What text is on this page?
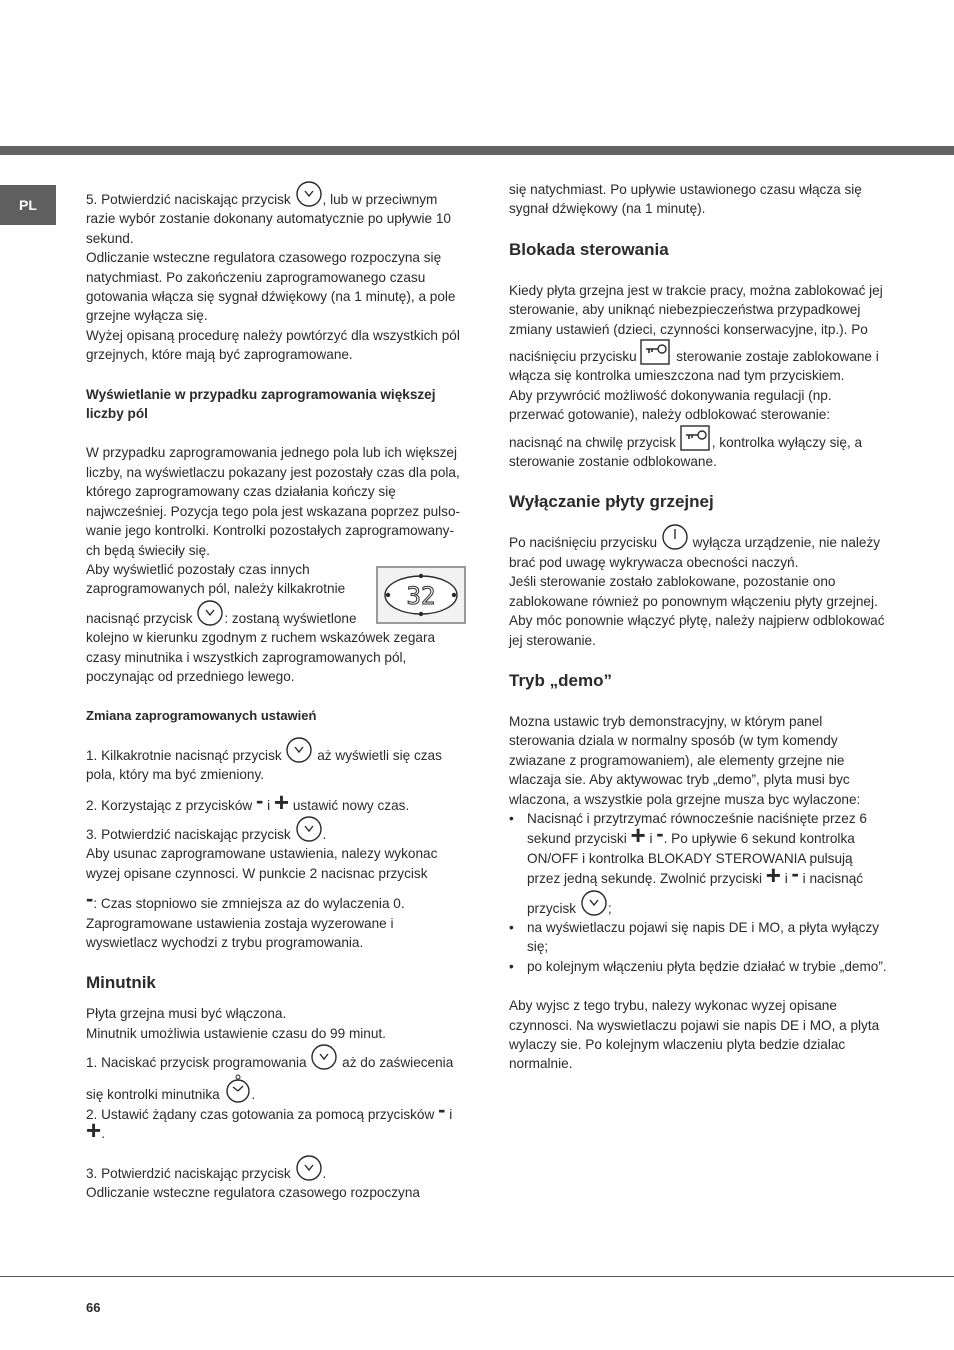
PL	5. Potwierdzić naciskając przycisk , lub w przeciwnym razie wybór zostanie dokonany automatycznie po upływie 10 sekund.

Odliczanie wsteczne regulatora czasowego rozpoczyna się natychmiast. Po zakończeniu zaprogramowanego czasu gotowania włącza się sygnał dźwiękowy (na 1 minutę), a pole grzejne wyłącza się.

Wyżej opisaną procedurę należy powtórzyć dla wszystkich pól grzejnych, które mają być zaprogramowane.

Wyświetlanie w przypadku zaprogramowania większej liczby pól

W przypadku zaprogramowania jednego pola lub ich większej liczby, na wyświetlaczu pokazany jest pozostały czas dla pola, którego zaprogramowany czas działania kończy się najwcześniej. Pozycja tego pola jest wskazana poprzez pulso-wanie jego kontrolki. Kontrolki pozostałych zaprogramowany-ch będą świeciły się.

32

Aby wyświetlić pozostały czas innych zaprogramowanych pól, należy kilkakrotnie nacisnąć przycisk : zostaną wyświetlone kolejno w kierunku zgodnym z ruchem wskazówek zegara czasy minutnika i wszystkich zaprogramowanych pól, poczynając od przedniego lewego.

Zmiana zaprogramowanych ustawień

1. Kilkakrotnie nacisnąć przycisk	aż wyświetli się czas pola, który ma być zmieniony.

2. Korzystając z przycisków - i + ustawić nowy czas.

3. Potwierdzić naciskając przycisk .

Aby usunac zaprogramowane ustawienia, nalezy wykonac wyzej opisane czynnosci. W punkcie 2 nacisnac przycisk

-: Czas stopniowo sie zmniejsza az do wylaczenia 0. Zaprogramowane ustawienia zostaja wyzerowane i wyswietlacz wychodzi z trybu programowania.

Minutnik

Płyta grzejna musi być włączona.

Minutnik umożliwia ustawienie czasu do 99 minut.

1. Naciskać przycisk programowania	aż do zaświecenia się kontrolki minutnika .

2. Ustawić żądany czas gotowania za pomocą przycisków - i
+.

3. Potwierdzić naciskając przycisk .

Odliczanie wsteczne regulatora czasowego rozpoczyna

się natychmiast. Po upływie ustawionego czasu włącza się sygnał dźwiękowy (na 1 minutę).

Blokada sterowania

Kiedy płyta grzejna jest w trakcie pracy, można zablokować jej sterowanie, aby uniknąć niebezpieczeństwa przypadkowej zmiany ustawień (dzieci, czynności konserwacyjne, itp.). Po naciśnięciu przycisku	sterowanie zostaje zablokowane i włącza się kontrolka umieszczona nad tym przyciskiem.

Aby przywrócić możliwość dokonywania regulacji (np. przerwać gotowanie), należy odblokować sterowanie: nacisnąć na chwilę przycisk	, kontrolka wyłączy się, a sterowanie zostanie odblokowane.

Wyłączanie płyty grzejnej

Po naciśnięciu przycisku	wyłącza urządzenie, nie należy brać pod uwagę wykrywacza obecności naczyń.

Jeśli sterowanie zostało zablokowane, pozostanie ono zablokowane również po ponownym włączeniu płyty grzejnej. Aby móc ponownie włączyć płytę, należy najpierw odblokować jej sterowanie.

Tryb „demo”

Mozna ustawic tryb demonstracyjny, w którym panel sterowania dziala w normalny sposób (w tym komendy zwiazane z programowaniem), ale elementy grzejne nie wlaczaja sie. Aby aktywowac tryb „demo”, plyta musi byc wlaczona, a wszystkie pola grzejne musza byc wylaczone:

• Nacisnąć i przytrzymać równocześnie naciśnięte przez 6 sekund przyciski + i -. Po upływie 6 sekund kontrolka ON/OFF i kontrolka BLOKADY STEROWANIA pulsują przez jedną sekundę. Zwolnić przyciski + i - i nacisnąć przycisk ;
• na wyświetlaczu pojawi się napis DE i MO, a płyta wyłączy się;
• po kolejnym włączeniu płyta będzie działać w trybie „demo”.

Aby wyjsc z tego trybu, nalezy wykonac wyzej opisane czynnosci. Na wyswietlaczu pojawi sie napis DE i MO, a plyta wylaczy sie. Po kolejnym wlaczeniu plyta bedzie dzialac normalnie.

66
